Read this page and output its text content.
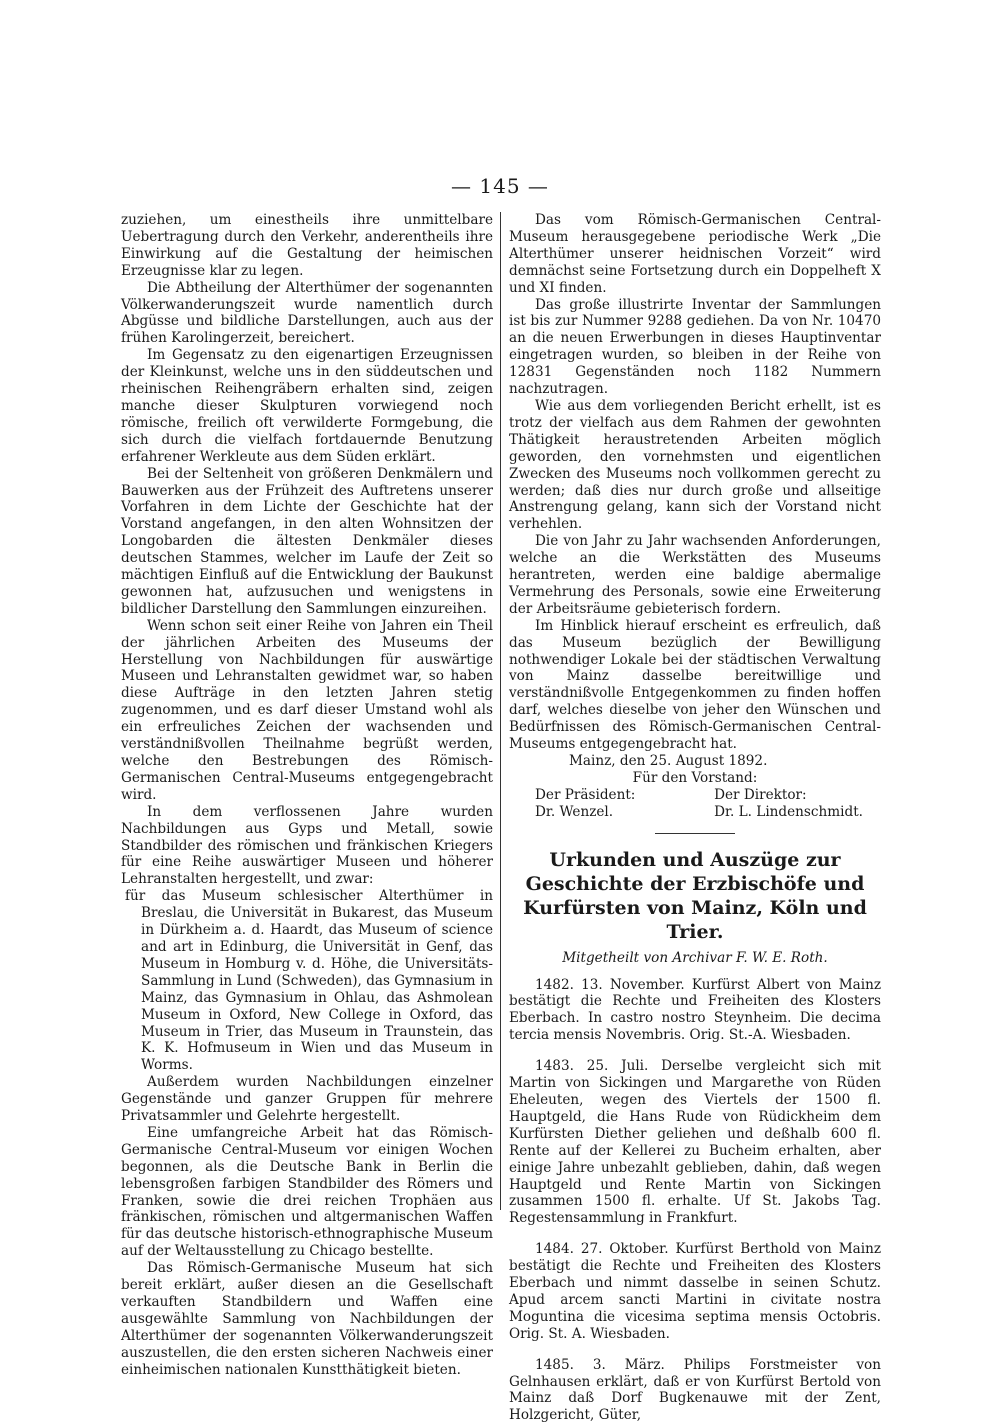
— 145 —

zuziehen, um einestheils ihre unmittelbare Uebertragung durch den Verkehr, anderentheils ihre Einwirkung auf die Gestaltung der heimischen Erzeugnisse klar zu legen.

Die Abtheilung der Alterthümer der sogenannten Völkerwanderungszeit wurde namentlich durch Abgüsse und bildliche Darstellungen, auch aus der frühen Karolingerzeit, bereichert.

Im Gegensatz zu den eigenartigen Erzeugnissen der Kleinkunst, welche uns in den süddeutschen und rheinischen Reihengräbern erhalten sind, zeigen manche dieser Skulpturen vorwiegend noch römische, freilich oft verwilderte Formgebung, die sich durch die vielfach fortdauernde Benutzung erfahrener Werkleute aus dem Süden erklärt.

Bei der Seltenheit von größeren Denkmälern und Bauwerken aus der Frühzeit des Auftretens unserer Vorfahren in dem Lichte der Geschichte hat der Vorstand angefangen, in den alten Wohnsitzen der Longobarden die ältesten Denkmäler dieses deutschen Stammes, welcher im Laufe der Zeit so mächtigen Einfluß auf die Entwicklung der Baukunst gewonnen hat, aufzusuchen und wenigstens in bildlicher Darstellung den Sammlungen einzureihen.

Wenn schon seit einer Reihe von Jahren ein Theil der jährlichen Arbeiten des Museums der Herstellung von Nachbildungen für auswärtige Museen und Lehranstalten gewidmet war, so haben diese Aufträge in den letzten Jahren stetig zugenommen, und es darf dieser Umstand wohl als ein erfreuliches Zeichen der wachsenden und verständnißvollen Theilnahme begrüßt werden, welche den Bestrebungen des Römisch-Germanischen Central-Museums entgegengebracht wird.

In dem verflossenen Jahre wurden Nachbildungen aus Gyps und Metall, sowie Standbilder des römischen und fränkischen Kriegers für eine Reihe auswärtiger Museen und höherer Lehranstalten hergestellt, und zwar:

für das Museum schlesischer Alterthümer in Breslau, die Universität in Bukarest, das Museum in Dürkheim a. d. Haardt, das Museum of science and art in Edinburg, die Universität in Genf, das Museum in Homburg v. d. Höhe, die Universitäts-Sammlung in Lund (Schweden), das Gymnasium in Mainz, das Gymnasium in Ohlau, das Ashmolean Museum in Oxford, New College in Oxford, das Museum in Trier, das Museum in Traunstein, das K. K. Hofmuseum in Wien und das Museum in Worms.

Außerdem wurden Nachbildungen einzelner Gegenstände und ganzer Gruppen für mehrere Privatsammler und Gelehrte hergestellt.

Eine umfangreiche Arbeit hat das Römisch-Germanische Central-Museum vor einigen Wochen begonnen, als die Deutsche Bank in Berlin die lebensgroßen farbigen Standbilder des Römers und Franken, sowie die drei reichen Trophäen aus fränkischen, römischen und altgermanischen Waffen für das deutsche historisch-ethnographische Museum auf der Weltausstellung zu Chicago bestellte.

Das Römisch-Germanische Museum hat sich bereit erklärt, außer diesen an die Gesellschaft verkauften Standbildern und Waffen eine ausgewählte Sammlung von Nachbildungen der Alterthümer der sogenannten Völkerwanderungszeit auszustellen, die den ersten sicheren Nachweis einer einheimischen nationalen Kunstthätigkeit bieten.

Das vom Römisch-Germanischen Central-Museum herausgegebene periodische Werk „Die Alterthümer unserer heidnischen Vorzeit“ wird demnächst seine Fortsetzung durch ein Doppelheft X und XI finden.

Das große illustrirte Inventar der Sammlungen ist bis zur Nummer 9288 gediehen. Da von Nr. 10470 an die neuen Erwerbungen in dieses Hauptinventar eingetragen wurden, so bleiben in der Reihe von 12831 Gegenständen noch 1182 Nummern nachzutragen.

Wie aus dem vorliegenden Bericht erhellt, ist es trotz der vielfach aus dem Rahmen der gewohnten Thätigkeit heraustretenden Arbeiten möglich geworden, den vornehmsten und eigentlichen Zwecken des Museums noch vollkommen gerecht zu werden; daß dies nur durch große und allseitige Anstrengung gelang, kann sich der Vorstand nicht verhehlen.

Die von Jahr zu Jahr wachsenden Anforderungen, welche an die Werkstätten des Museums herantreten, werden eine baldige abermalige Vermehrung des Personals, sowie eine Erweiterung der Arbeitsräume gebieterisch fordern.

Im Hinblick hierauf erscheint es erfreulich, daß das Museum bezüglich der Bewilligung nothwendiger Lokale bei der städtischen Verwaltung von Mainz dasselbe bereitwillige und verständnißvolle Entgegenkommen zu finden hoffen darf, welches dieselbe von jeher den Wünschen und Bedürfnissen des Römisch-Germanischen Central-Museums entgegengebracht hat.

Mainz, den 25. August 1892.

Für den Vorstand:

Der Präsident:
Dr. Wenzel.
Der Direktor:
Dr. L. Lindenschmidt.
Urkunden und Auszüge zur Geschichte der Erzbischöfe und Kurfürsten von Mainz, Köln und Trier.
Mitgetheilt von Archivar F. W. E. Roth.

1482. 13. November. Kurfürst Albert von Mainz bestätigt die Rechte und Freiheiten des Klosters Eberbach. In castro nostro Steynheim. Die decima tercia mensis Novembris. Orig. St.-A. Wiesbaden.

1483. 25. Juli. Derselbe vergleicht sich mit Martin von Sickingen und Margarethe von Rüden Eheleuten, wegen des Viertels der 1500 fl. Hauptgeld, die Hans Rude von Rüdickheim dem Kurfürsten Diether geliehen und deßhalb 600 fl. Rente auf der Kellerei zu Bucheim erhalten, aber einige Jahre unbezahlt geblieben, dahin, daß wegen Hauptgeld und Rente Martin von Sickingen zusammen 1500 fl. erhalte. Uf St. Jakobs Tag. Regestensammlung in Frankfurt.

1484. 27. Oktober. Kurfürst Berthold von Mainz bestätigt die Rechte und Freiheiten des Klosters Eberbach und nimmt dasselbe in seinen Schutz. Apud arcem sancti Martini in civitate nostra Moguntina die vicesima septima mensis Octobris. Orig. St. A. Wiesbaden.

1485. 3. März. Philips Forstmeister von Gelnhausen erklärt, daß er von Kurfürst Bertold von Mainz daß Dorf Bugkenauwe mit der Zent, Holzgericht, Güter,
